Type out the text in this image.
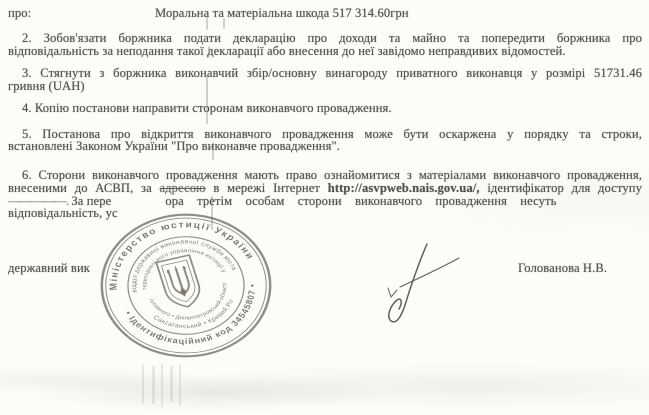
про:	Моральна та матеріальна шкода 517 314.60грн
2. Зобов'язати боржника подати декларацію про доходи та майно та попередити боржника про
відповідальність за неподання такої декларації або внесення до неї завідомо неправдивих відомостей.
3. Стягнути з боржника виконавчий збір/основну винагороду приватного виконавця у розмірі 51731.46
гривня (UAH)
4. Копію постанови направити сторонам виконавчого провадження.
5. Постанова про відкриття виконавчого провадження може бути оскаржена у порядку та строки,
встановлені Законом України "Про виконавче провадження".
6. Сторони виконавчого провадження мають право ознайомитися з матеріалами виконавчого провадження,
внесеними до АСВП, за адресою в мережі Інтернет http://asvpweb.nais.gov.ua/, ідентифікатор для доступу
—————. За пере	ора третім особам сторони виконавчого провадження несуть
відповідальність, ус
державний вик	Голованова Н.В.
Міністерство юстиції України
• Ідентифікаційний код 34545807 •
відділ державної виконавчої служби міста
Саксаганський • Кривий Ріг
територіального управління юстиції у
головного • Дніпропетровській області
